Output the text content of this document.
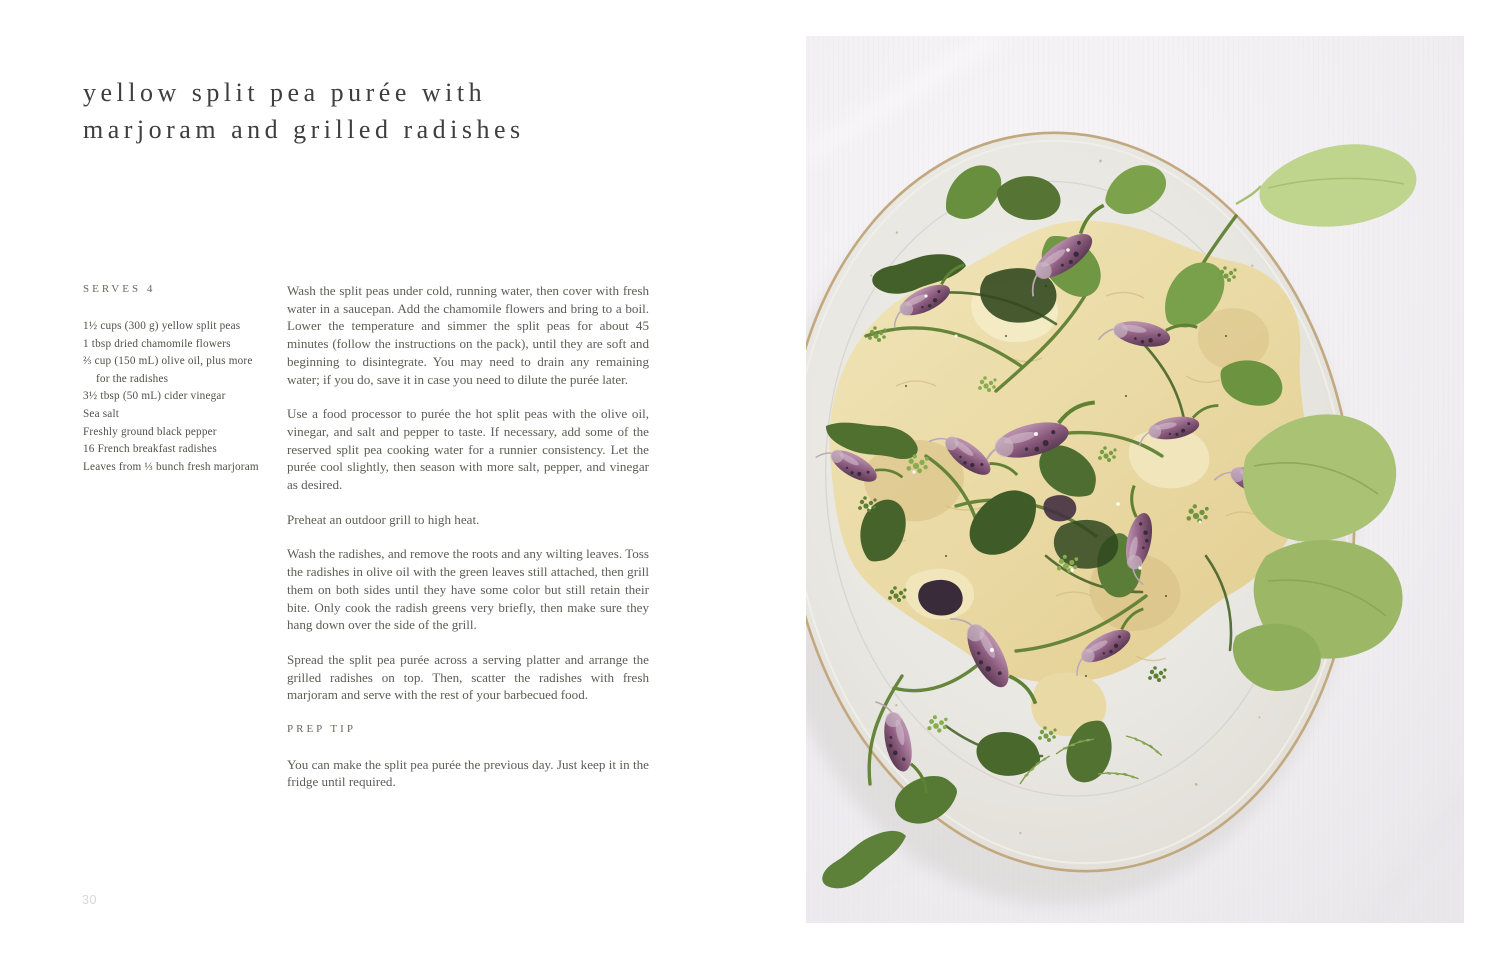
yellow split pea purée with
marjoram and grilled radishes
SERVES 4
1½ cups (300 g) yellow split peas
1 tbsp dried chamomile flowers
⅔ cup (150 mL) olive oil, plus more for the radishes
3½ tbsp (50 mL) cider vinegar
Sea salt
Freshly ground black pepper
16 French breakfast radishes
Leaves from ⅓ bunch fresh marjoram

Wash the split peas under cold, running water, then cover with fresh water in a saucepan. Add the chamomile flowers and bring to a boil. Lower the temperature and simmer the split peas for about 45 minutes (follow the instructions on the pack), until they are soft and beginning to disintegrate. You may need to drain any remaining water; if you do, save it in case you need to dilute the purée later.

Use a food processor to purée the hot split peas with the olive oil, vinegar, and salt and pepper to taste. If necessary, add some of the reserved split pea cooking water for a runnier consistency. Let the purée cool slightly, then season with more salt, pepper, and vinegar as desired.

Preheat an outdoor grill to high heat.

Wash the radishes, and remove the roots and any wilting leaves. Toss the radishes in olive oil with the green leaves still attached, then grill them on both sides until they have some color but still retain their bite. Only cook the radish greens very briefly, then make sure they hang down over the side of the grill.

Spread the split pea purée across a serving platter and arrange the grilled radishes on top. Then, scatter the radishes with fresh marjoram and serve with the rest of your barbecued food.

PREP TIP

You can make the split pea purée the previous day. Just keep it in the fridge until required.

30
